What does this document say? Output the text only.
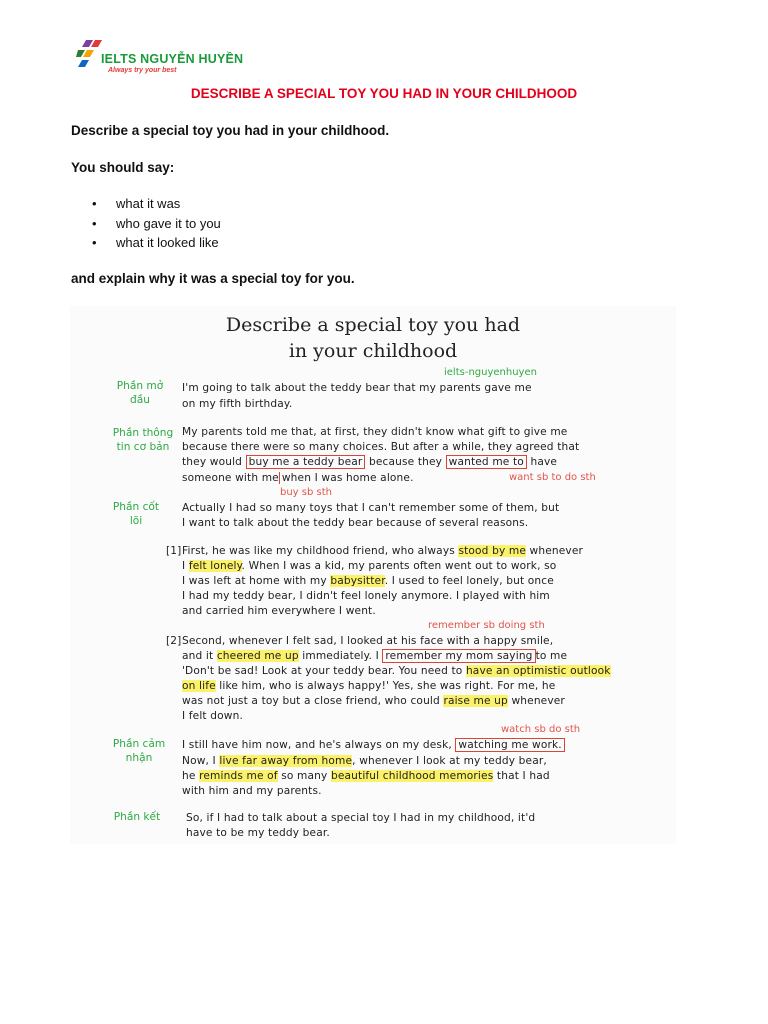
IELTS NGUYỄN HUYỀN
Always try your best
DESCRIBE A SPECIAL TOY YOU HAD IN YOUR CHILDHOOD
Describe a special toy you had in your childhood.
You should say:
• what it was
• who gave it to you
• what it looked like
and explain why it was a special toy for you.
Describe a special toy you had
in your childhood
ielts-nguyenhuyen
Phần mở
đầu
Phần thông
tin cơ bản
Phần cốt
lõi
Phần cảm
nhận
Phần kết
I'm going to talk about the teddy bear that my parents gave me
on my fifth birthday.
My parents told me that, at first, they didn't know what gift to give me
because there were so many choices. But after a while, they agreed that
they would buy me a teddy bear because they wanted me to have
someone with me when I was home alone.	want sb to do sth
buy sb sth
Actually I had so many toys that I can't remember some of them, but
I want to talk about the teddy bear because of several reasons.
[1] First, he was like my childhood friend, who always stood by me whenever
I felt lonely. When I was a kid, my parents often went out to work, so
I was left at home with my babysitter. I used to feel lonely, but once
I had my teddy bear, I didn't feel lonely anymore. I played with him
and carried him everywhere I went.
remember sb doing sth
[2] Second, whenever I felt sad, I looked at his face with a happy smile,
and it cheered me up immediately. I remember my mom saying to me
'Don't be sad! Look at your teddy bear. You need to have an optimistic outlook
on life like him, who is always happy!' Yes, she was right. For me, he
was not just a toy but a close friend, who could raise me up whenever
I felt down.
watch sb do sth
I still have him now, and he's always on my desk, watching me work.
Now, I live far away from home, whenever I look at my teddy bear,
he reminds me of so many beautiful childhood memories that I had
with him and my parents.
So, if I had to talk about a special toy I had in my childhood, it'd
have to be my teddy bear.
